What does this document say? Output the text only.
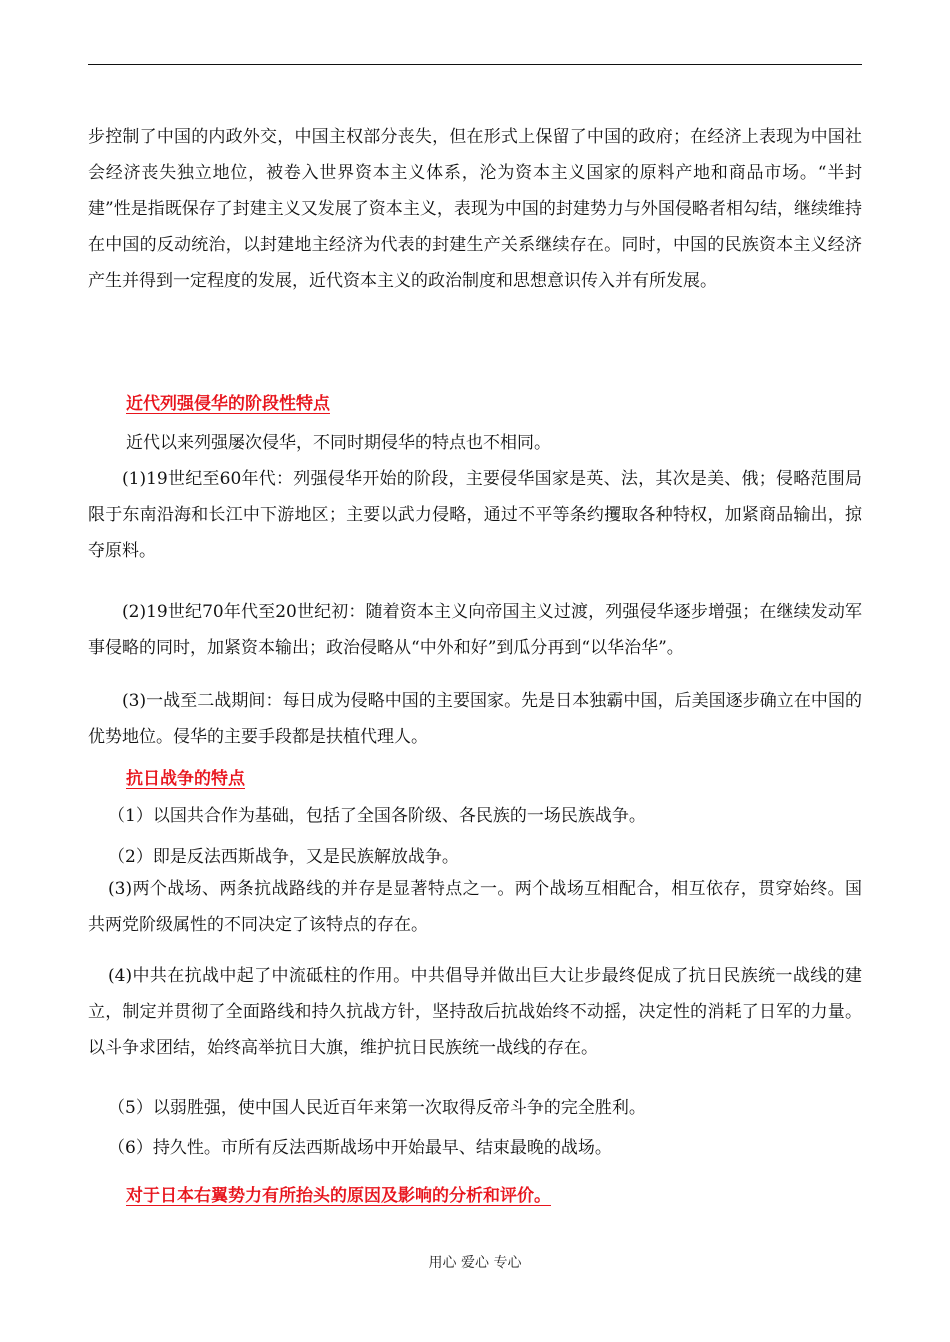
步控制了中国的内政外交，中国主权部分丧失，但在形式上保留了中国的政府；在经济上表现为中国社会经济丧失独立地位，被卷入世界资本主义体系，沦为资本主义国家的原料产地和商品市场。“半封建”性是指既保存了封建主义又发展了资本主义，表现为中国的封建势力与外国侵略者相勾结，继续维持在中国的反动统治，以封建地主经济为代表的封建生产关系继续存在。同时，中国的民族资本主义经济产生并得到一定程度的发展，近代资本主义的政治制度和思想意识传入并有所发展。

近代列强侵华的阶段性特点
近代以来列强屡次侵华，不同时期侵华的特点也不相同。

(1)19世纪至60年代：列强侵华开始的阶段，主要侵华国家是英、法，其次是美、俄；侵略范围局限于东南沿海和长江中下游地区；主要以武力侵略，通过不平等条约攫取各种特权，加紧商品输出，掠夺原料。

(2)19世纪70年代至20世纪初：随着资本主义向帝国主义过渡，列强侵华逐步增强；在继续发动军事侵略的同时，加紧资本输出；政治侵略从“中外和好”到瓜分再到“以华治华”。

(3)一战至二战期间：每日成为侵略中国的主要国家。先是日本独霸中国，后美国逐步确立在中国的优势地位。侵华的主要手段都是扶植代理人。

抗日战争的特点
（1）以国共合作为基础，包括了全国各阶级、各民族的一场民族战争。
（2）即是反法西斯战争，又是民族解放战争。

(3)两个战场、两条抗战路线的并存是显著特点之一。两个战场互相配合，相互依存，贯穿始终。国共两党阶级属性的不同决定了该特点的存在。

(4)中共在抗战中起了中流砥柱的作用。中共倡导并做出巨大让步最终促成了抗日民族统一战线的建立，制定并贯彻了全面路线和持久抗战方针，坚持敌后抗战始终不动摇，决定性的消耗了日军的力量。以斗争求团结，始终高举抗日大旗，维护抗日民族统一战线的存在。

（5）以弱胜强，使中国人民近百年来第一次取得反帝斗争的完全胜利。
（6）持久性。市所有反法西斯战场中开始最早、结束最晚的战场。
对于日本右翼势力有所抬头的原因及影响的分析和评价。
用心 爱心 专心
